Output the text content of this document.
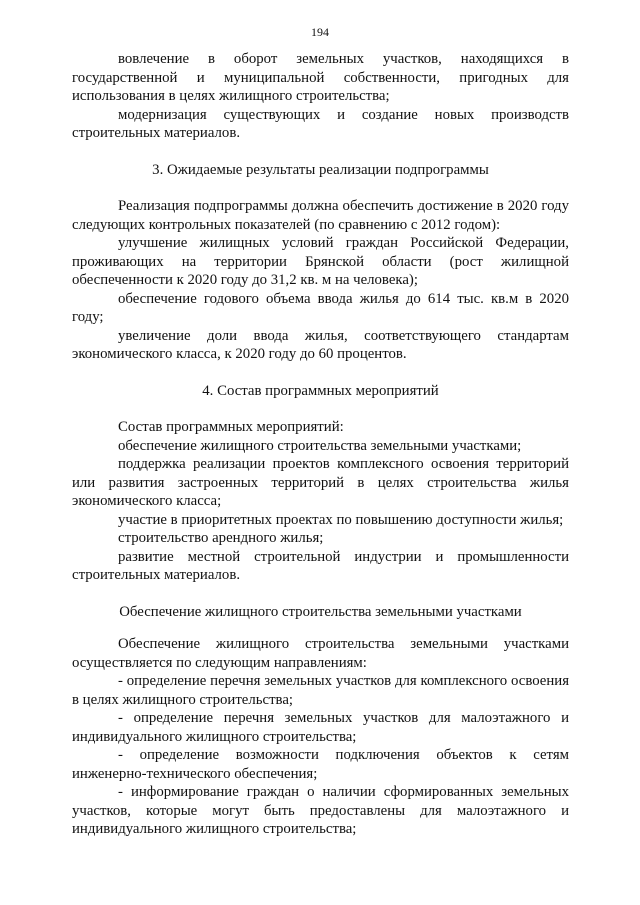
194

вовлечение в оборот земельных участков, находящихся в государственной и муниципальной собственности, пригодных для использования в целях жилищного строительства;

модернизация существующих и создание новых производств строительных материалов.

3. Ожидаемые результаты реализации подпрограммы

Реализация подпрограммы должна обеспечить достижение в 2020 году следующих контрольных показателей (по сравнению с 2012 годом):

улучшение жилищных условий граждан Российской Федерации, проживающих на территории Брянской области (рост жилищной обеспеченности к 2020 году до 31,2 кв. м на человека);

обеспечение годового объема ввода жилья до 614 тыс. кв.м в 2020 году;

увеличение доли ввода жилья, соответствующего стандартам экономического класса, к 2020 году до 60 процентов.

4. Состав программных мероприятий

Состав программных мероприятий:

обеспечение жилищного строительства земельными участками;

поддержка реализации проектов комплексного освоения территорий или развития застроенных территорий в целях строительства жилья экономического класса;

участие в приоритетных проектах по повышению доступности жилья;

строительство арендного жилья;

развитие местной строительной индустрии и промышленности строительных материалов.

Обеспечение жилищного строительства земельными участками

Обеспечение жилищного строительства земельными участками осуществляется по следующим направлениям:

- определение перечня земельных участков для комплексного освоения в целях жилищного строительства;

- определение перечня земельных участков для малоэтажного и индивидуального жилищного строительства;

- определение возможности подключения объектов к сетям инженерно-технического обеспечения;

- информирование граждан о наличии сформированных земельных участков, которые могут быть предоставлены для малоэтажного и индивидуального жилищного строительства;
